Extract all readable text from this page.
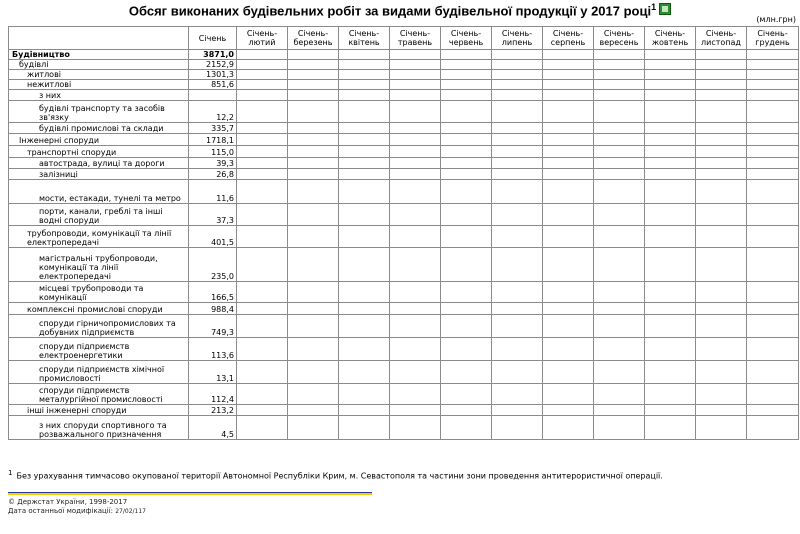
Обсяг виконаних будівельних робіт за видами будівельної продукції у 2017 році$^1$
(млн.грн)
	Січень	Січень-лютий	Січень-березень	Січень-квітень	Січень-травень	Січень-червень	Січень-липень	Січень-серпень	Січень-вересень	Січень-жовтень	Січень-листопад	Січень-грудень
Будівництво	3871,0											
будівлі	2152,9											
житлові	1301,3											
нежитлові	851,6											
з них												
будівлі транспорту та засобів зв'язку	12,2											
будівлі промислові та склади	335,7											
Інженерні споруди	1718,1											
транспортні споруди	115,0											
автострада, вулиці та дороги	39,3											
залізниці	26,8											
мости, естакади, тунелі та метро	11,6											
порти, канали, греблі та інші водні споруди	37,3											
трубопроводи, комунікації та лінії електропередачі	401,5											
магістральні трубопроводи, комунікації та лінії електропередачі	235,0											
місцеві трубопроводи та комунікації	166,5											
комплексні промислові споруди	988,4											
споруди гірничопромислових та добувних підприємств	749,3											
споруди підприємств електроенергетики	113,6											
споруди підприємств хімічної промисловості	13,1											
споруди підприємств металургійної промисловості	112,4											
інші інженерні споруди	213,2											
з них споруди спортивного та розважального призначення	4,5											
$^1$ Без урахування тимчасово окупованої території Автономної Республіки Крим, м. Севастополя та частини зони проведення антитерористичної операції.
© Держстат України, 1998-2017
Дата останньої модифікації: 27/02/117
